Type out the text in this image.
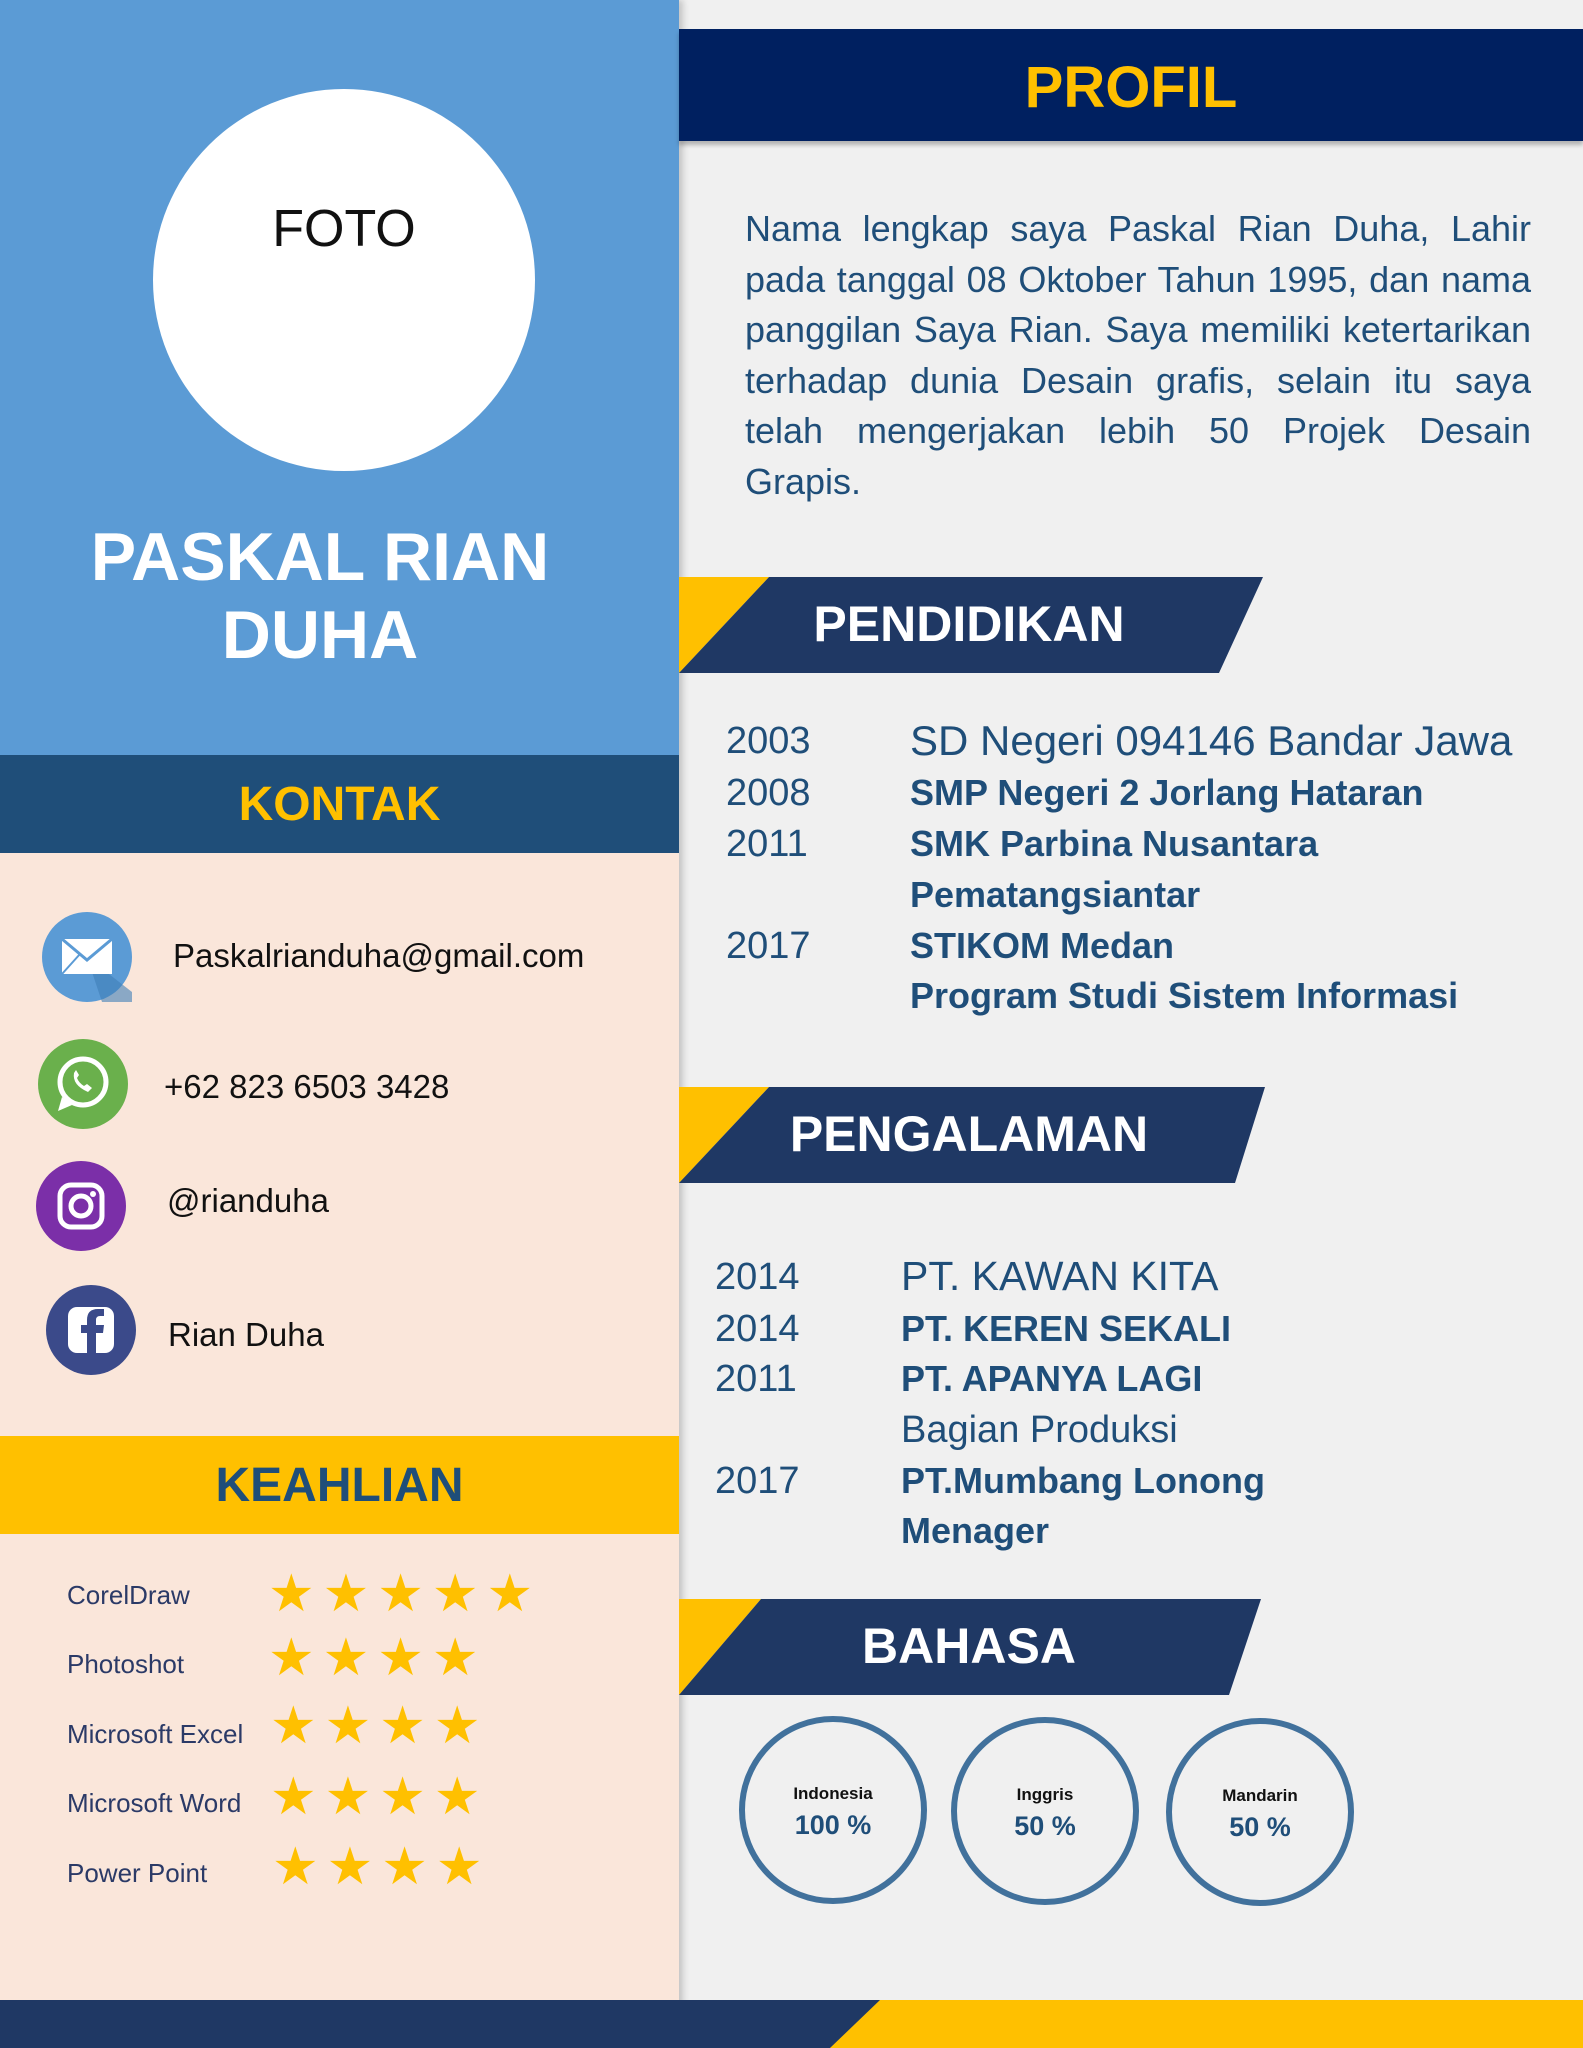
FOTO
PASKAL RIAN
DUHA
KONTAK
Paskalrianduha@gmail.com
+62 823 6503 3428
@rianduha
Rian Duha
KEAHLIAN
CorelDraw ★★★★★
Photoshot ★★★★
Microsoft Excel ★★★★
Microsoft Word ★★★★
Power Point ★★★★
PROFIL
Nama lengkap saya Paskal Rian Duha, Lahir pada tanggal 08 Oktober Tahun 1995, dan nama panggilan Saya Rian. Saya memiliki ketertarikan terhadap dunia Desain grafis, selain itu saya telah mengerjakan lebih 50 Projek Desain Grapis.
PENDIDIKAN
2003 SD Negeri 094146 Bandar Jawa
2008	SMP Negeri 2 Jorlang Hataran
2011	SMK Parbina Nusantara
Pematangsiantar
2017	STIKOM Medan
Program Studi Sistem Informasi
PENGALAMAN
2014 PT. KAWAN KITA
2014	PT. KEREN SEKALI
2011	PT. APANYA LAGI
Bagian Produksi
2017	PT.Mumbang Lonong
Menager
BAHASA
Indonesia
100 %
Inggris
50 %
Mandarin
50 %
